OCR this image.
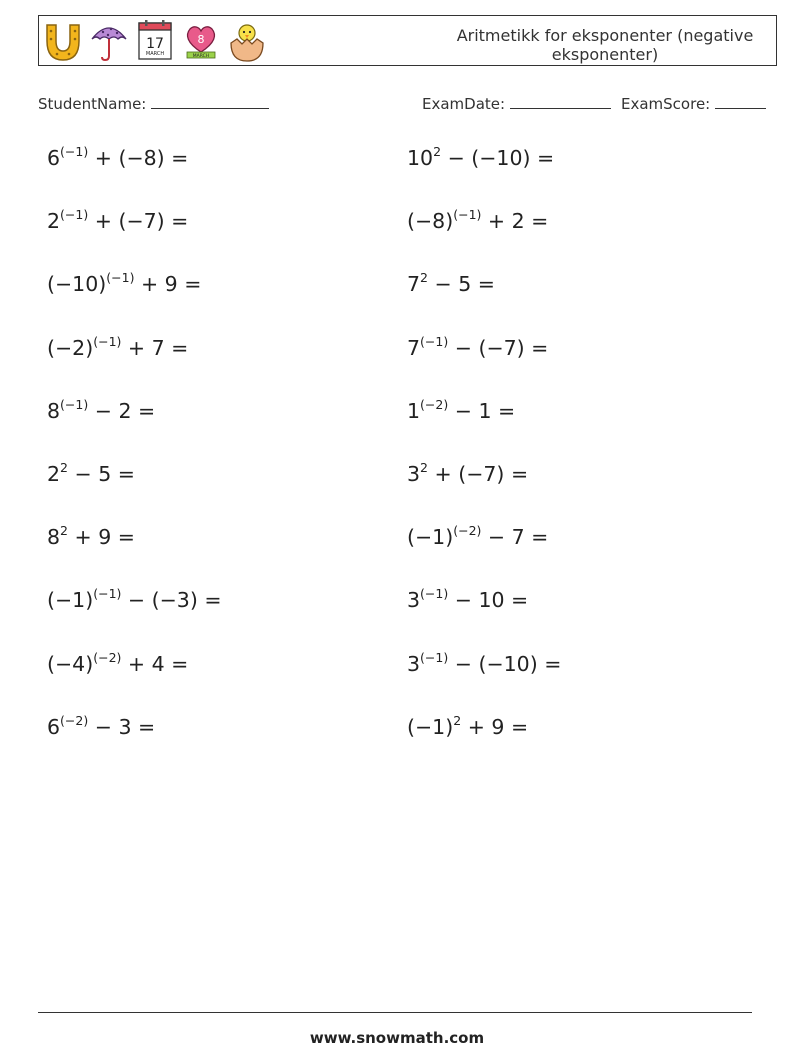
17
MARCH
8
MARCH
Aritmetikk for eksponenter (negative eksponenter)
StudentName:	ExamDate:	ExamScore:
$6^{(-1)} + (-8)$ =	$10^2 - (-10)$ =
$2^{(-1)} + (-7)$ =	$(-8)^{(-1)} + 2$ =
$(-10)^{(-1)} + 9$ =	$7^2 - 5$ =
$(-2)^{(-1)} + 7$ =	$7^{(-1)} - (-7)$ =
$8^{(-1)} - 2$ =	$1^{(-2)} - 1$ =
$2^2 - 5$ =	$3^2 + (-7)$ =
$8^2 + 9$ =	$(-1)^{(-2)} - 7$ =
$(-1)^{(-1)} - (-3)$ =	$3^{(-1)} - 10$ =
$(-4)^{(-2)} + 4$ =	$3^{(-1)} - (-10)$ =
$6^{(-2)} - 3$ =	$(-1)^2 + 9$ =
www.snowmath.com
